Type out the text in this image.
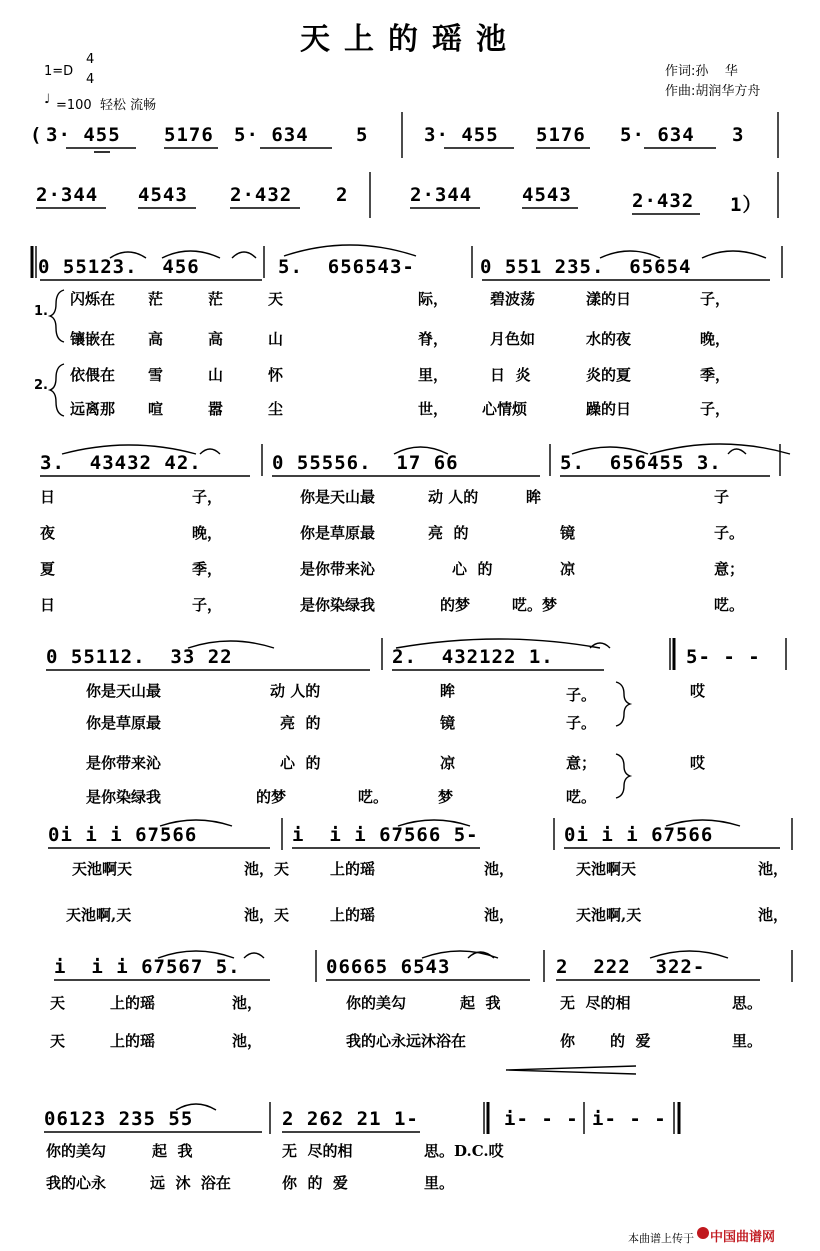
天上的瑶池
1=D
4
4
♩ =100  轻松 流畅
作词:孙    华
作曲:胡润华方舟
( 3· 455 5176 5· 634 5	3· 455 5176 5· 634 3
2·344 4543 2·432 2	2·344	4543	2·432 1）
0 55123.  456	5.  656543-	0 551 235.  65654
1.
2.
闪烁在 茫	茫	天	际，	碧波荡	漾的日	子，
镶嵌在 高	高	山	脊，	月色如	水的夜	晚，
依偎在 雪	山	怀	里，	日  炎	炎的夏	季，
远离那 喧	嚣	尘	世， 心情烦	躁的日	子，
3.  43432 42.	0 55556.  17 66	5.  656455 3.
日	子，	你是天山最	动 人的	眸	子
夜	晚，	你是草原最	亮  的	镜	子。
夏	季，	是你带来沁	心  的	凉	意；
日	子，	是你染绿我	的梦	呓。梦	呓。
0 55112.  33 22	2.  432122 1.	5- - -
你是天山最	动 人的	眸	子。	哎
你是草原最	亮  的	镜	子。
是你带来沁	心  的	凉	意；	哎
是你染绿我	的梦	呓。	梦	呓。
0i i i 67566	i  i i 67566 5-	0i i i 67566
天池啊天	池，天	上的瑶	池，	天池啊天	池，
天池啊,天	池，天	上的瑶	池，	天池啊,天	池，
i  i i 67567 5.	06665 6543	2  222  322-
天	上的瑶	池，	你的美勾	起  我	无  尽的相	思。
天	上的瑶	池，	我的心永远沐浴在	你 的  爱	里。
06123 235 55	2 262 21 1-	i- - - i- - -
你的美勾	起  我	无  尽的相	思。D.C.哎
我的心永	远  沐  浴在	你  的  爱	里。
本曲谱上传于 中国曲谱网
